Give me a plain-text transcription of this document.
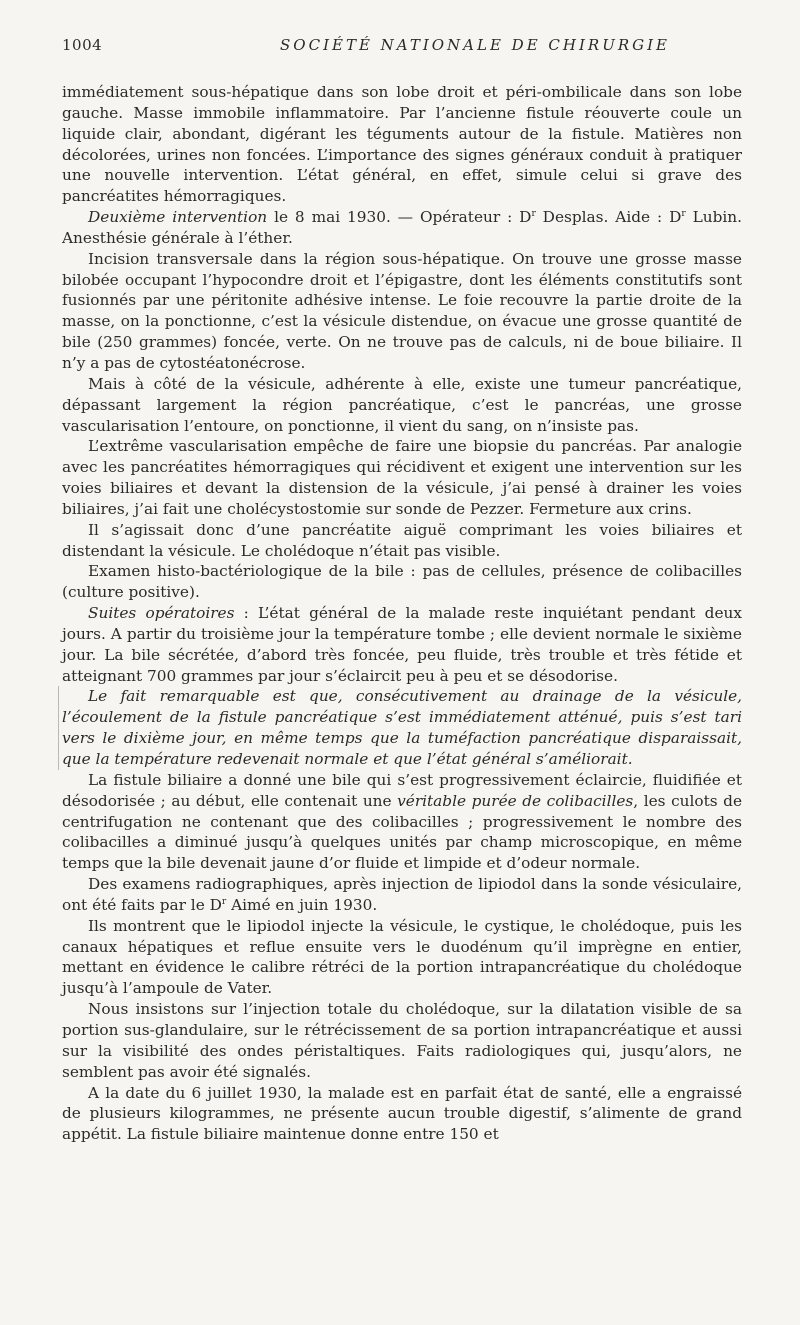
1004	SOCIÉTÉ NATIONALE DE CHIRURGIE

immédiatement sous-hépatique dans son lobe droit et péri-ombilicale dans son lobe gauche. Masse immobile inflammatoire. Par l’ancienne fistule réouverte coule un liquide clair, abondant, digérant les téguments autour de la fistule. Matières non décolorées, urines non foncées. L’importance des signes généraux conduit à pratiquer une nouvelle intervention. L’état général, en effet, simule celui si grave des pancréatites hémorragiques.

Deuxième intervention le 8 mai 1930. — Opérateur : $D^r$ Desplas. Aide : $D^r$ Lubin. Anesthésie générale à l’éther.

Incision transversale dans la région sous-hépatique. On trouve une grosse masse bilobée occupant l’hypocondre droit et l’épigastre, dont les éléments constitutifs sont fusionnés par une péritonite adhésive intense. Le foie recouvre la partie droite de la masse, on la ponctionne, c’est la vésicule distendue, on évacue une grosse quantité de bile (250 grammes) foncée, verte. On ne trouve pas de calculs, ni de boue biliaire. Il n’y a pas de cytostéatonécrose.

Mais à côté de la vésicule, adhérente à elle, existe une tumeur pancréatique, dépassant largement la région pancréatique, c’est le pancréas, une grosse vascularisation l’entoure, on ponctionne, il vient du sang, on n’insiste pas.

L’extrême vascularisation empêche de faire une biopsie du pancréas. Par analogie avec les pancréatites hémorragiques qui récidivent et exigent une intervention sur les voies biliaires et devant la distension de la vésicule, j’ai pensé à drainer les voies biliaires, j’ai fait une cholécystostomie sur sonde de Pezzer. Fermeture aux crins.

Il s’agissait donc d’une pancréatite aiguë comprimant les voies biliaires et distendant la vésicule. Le cholédoque n’était pas visible.

Examen histo-bactériologique de la bile : pas de cellules, présence de colibacilles (culture positive).

Suites opératoires : L’état général de la malade reste inquiétant pendant deux jours. A partir du troisième jour la température tombe ; elle devient normale le sixième jour. La bile sécrétée, d’abord très foncée, peu fluide, très trouble et très fétide et atteignant 700 grammes par jour s’éclaircit peu à peu et se désodorise.

Le fait remarquable est que, consécutivement au drainage de la vésicule, l’écoulement de la fistule pancréatique s’est immédiatement atténué, puis s’est tari vers le dixième jour, en même temps que la tuméfaction pancréatique disparaissait, que la température redevenait normale et que l’état général s’améliorait.

La fistule biliaire a donné une bile qui s’est progressivement éclaircie, fluidifiée et désodorisée ; au début, elle contenait une véritable purée de colibacilles, les culots de centrifugation ne contenant que des colibacilles ; progressivement le nombre des colibacilles a diminué jusqu’à quelques unités par champ microscopique, en même temps que la bile devenait jaune d’or fluide et limpide et d’odeur normale.

Des examens radiographiques, après injection de lipiodol dans la sonde vésiculaire, ont été faits par le $D^r$ Aimé en juin 1930.

Ils montrent que le lipiodol injecte la vésicule, le cystique, le cholédoque, puis les canaux hépatiques et reflue ensuite vers le duodénum qu’il imprègne en entier, mettant en évidence le calibre rétréci de la portion intrapancréatique du cholédoque jusqu’à l’ampoule de Vater.

Nous insistons sur l’injection totale du cholédoque, sur la dilatation visible de sa portion sus-glandulaire, sur le rétrécissement de sa portion intrapancréatique et aussi sur la visibilité des ondes péristaltiques. Faits radiologiques qui, jusqu’alors, ne semblent pas avoir été signalés.

A la date du 6 juillet 1930, la malade est en parfait état de santé, elle a engraissé de plusieurs kilogrammes, ne présente aucun trouble digestif, s’alimente de grand appétit. La fistule biliaire maintenue donne entre 150 et
